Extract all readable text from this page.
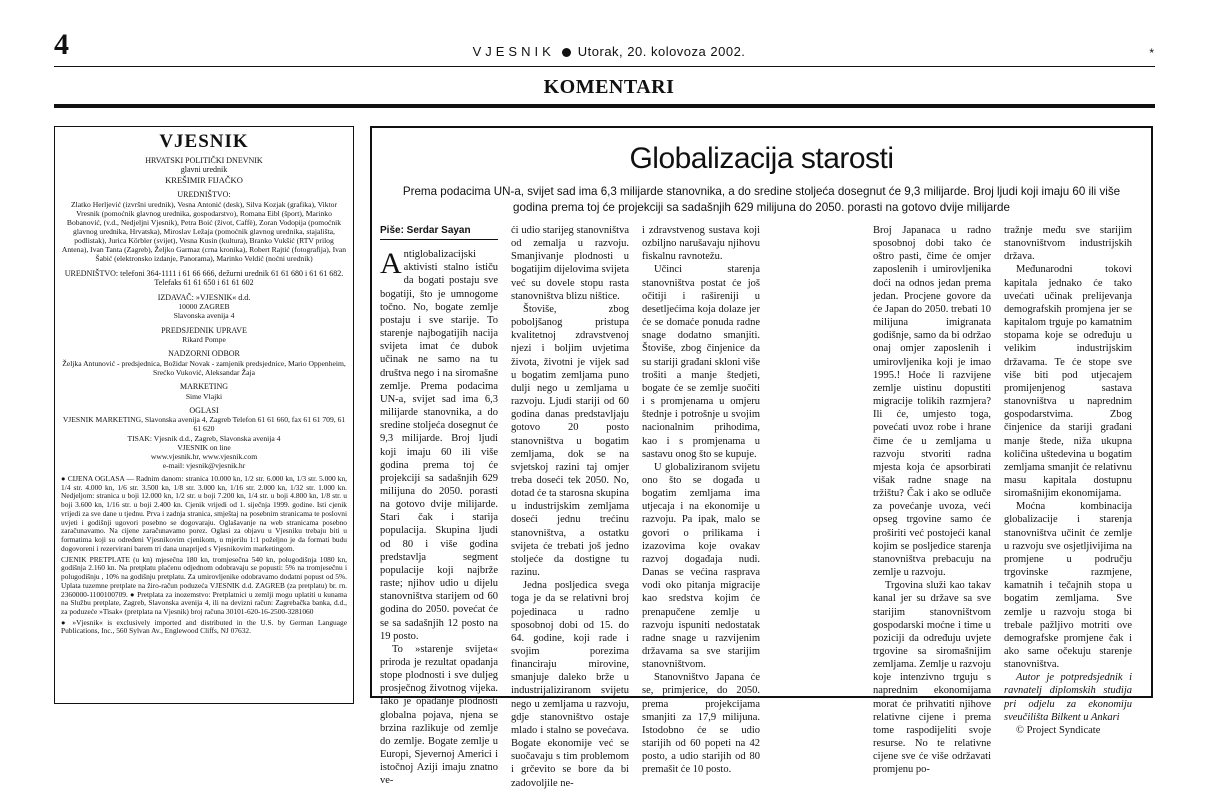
4	VJESNIK Utorak, 20. kolovoza 2002.	*
KOMENTARI
VJESNIK

HRVATSKI POLITIČKI DNEVNIK

glavni urednik

KREŠIMIR FIJAČKO

UREDNIŠTVO:

Zlatko Herljević (izvršni urednik), Vesna Antonić (desk), Silva Kozjak (grafika), Viktor Vresnik (pomoćnik glavnog urednika, gospodarstvo), Romana Eibl (šport), Marinko Bobanović, (v.d., Nedjeljni Vjesnik), Petra Boić (život, Caffè), Zoran Vodopija (pomoćnik glavnog urednika, Hrvatska), Miroslav Ležaja (pomoćnik glavnog urednika, stajališta, podlistak), Jurica Körbler (svijet), Vesna Kusin (kultura), Branko Vukšić (RTV prilog Antena), Ivan Tanta (Zagreb), Željko Garmaz (crna kronika), Robert Rajtić (fotografija), Ivan Šabić (elektronsko izdanje, Panorama), Marinko Veldić (noćni urednik)

UREDNIŠTVO: telefoni 364-1111 i 61 66 666, dežurni urednik 61 61 680 i 61 61 682. Telefaks 61 61 650 i 61 61 602

IZDAVAČ: »VJESNIK« d.d.

10000 ZAGREB

Slavonska avenija 4

PREDSJEDNIK UPRAVE

Rikard Pompe

NADZORNI ODBOR

Željka Antunović - predsjednica, Božidar Novak - zamjenik predsjednice, Mario Oppenheim, Srećko Vuković, Aleksandar Žaja

MARKETING

Sime Vlajki

OGLASI

VJESNIK MARKETING, Slavonska avenija 4, Zagreb Telefon 61 61 660, fax 61 61 709, 61 61 620

TISAK: Vjesnik d.d., Zagreb, Slavonska avenija 4

VJESNIK on line

www.vjesnik.hr, www.vjesnik.com

e-mail: vjesnik@vjesnik.hr

● CIJENA OGLASA — Radnim danom: stranica 10.000 kn, 1/2 str. 6.000 kn, 1/3 str. 5.000 kn, 1/4 str. 4.000 kn, 1/6 str. 3.500 kn, 1/8 str. 3.000 kn, 1/16 str. 2.000 kn, 1/32 str. 1.000 kn. Nedjeljom: stranica u boji 12.000 kn, 1/2 str. u boji 7.200 kn, 1/4 str. u boji 4.800 kn, 1/8 str. u boji 3.600 kn, 1/16 str. u boji 2.400 kn. Cjenik vrijedi od 1. siječnja 1999. godine. Isti cjenik vrijedi za sve dane u tjednu. Prva i zadnja stranica, smještaj na posebnim stranicama te poslovni uvjeti i godišnji ugovori posebno se dogovaraju. Oglašavanje na web stranicama posebno zaračunavamo. Na cijene zaračunavamo porez. Oglasi za objavu u Vjesniku trebaju biti u formatima koji su određeni Vjesnikovim cjenikom, u mjerilu 1:1 poželjno je da formati budu dogovoreni i rezervirani barem tri dana unaprijed s Vjesnikovim marketingom.

CJENIK PRETPLATE (u kn) mjesečna 180 kn, tromjesečna 540 kn, polugodišnja 1080 kn, godišnja 2.160 kn. Na pretplatu plaćenu odjednom odobravaju se popusti: 5% na tromjesečnu i polugodišnju , 10% na godišnju pretplatu. Za umirovljenike odobravamo dodatni popust od 5%. Uplata tuzemne pretplate na žiro-račun poduzeća VJESNIK d.d. ZAGREB (za pretplatu) br. rn. 2360000-1100100709. ● Pretplata za inozemstvo: Pretplatnici u zemlji mogu uplatiti u kunama na Službu pretplate, Zagreb, Slavonska avenija 4, ili na devizni račun: Zagrebačka banka, d.d., za poduzeće »Tisak« (pretplata na Vjesnik) broj računa 30101-620-16-2500-3281060

● »Vjesnik« is exclusively imported and distributed in the U.S. by German Language Publications, Inc., 560 Sylvan Av., Englewood Cliffs, NJ 07632.

Globalizacija starosti
Prema podacima UN-a, svijet sad ima 6,3 milijarde stanovnika, a do sredine stoljeća dosegnut će 9,3 milijarde. Broj ljudi koji imaju 60 ili više godina prema toj će projekciji sa sadašnjih 629 milijuna do 2050. porasti na gotovo dvije milijarde
Piše: Serdar Sayan

Antiglobalizacijski aktivisti stalno ističu da bogati postaju sve bogatiji, što je umnogome točno. No, bogate zemlje postaju i sve starije. To starenje najbogatijih nacija svijeta imat će dubok učinak ne samo na tu društva nego i na siromašne zemlje. Prema podacima UN-a, svijet sad ima 6,3 milijarde stanovnika, a do sredine stoljeća dosegnut će 9,3 milijarde. Broj ljudi koji imaju 60 ili više godina prema toj će projekciji sa sadašnjih 629 milijuna do 2050. porasti na gotovo dvije milijarde. Stari čak i starija populacija. Skupina ljudi od 80 i više godina predstavlja segment populacije koji najbrže raste; njihov udio u dijelu stanovništva starijem od 60 godina do 2050. povećat će se sa sadašnjih 12 posto na 19 posto.

To »starenje svijeta« priroda je rezultat opadanja stope plodnosti i sve duljeg prosječnog životnog vijeka. Iako je opadanje plodnosti globalna pojava, njena se brzina razlikuje od zemlje do zemlje. Bogate zemlje u Europi, Sjevernoj Americi i istočnoj Aziji imaju znatno ve-

ći udio starijeg stanovništva od zemalja u razvoju. Smanjivanje plodnosti u bogatijim dijelovima svijeta već su dovele stopu rasta stanovništva blizu ništice.

Štoviše, zbog poboljšanog pristupa kvalitetnoj zdravstvenoj njezi i boljim uvjetima života, životni je vijek sad u bogatim zemljama puno dulji nego u zemljama u razvoju. Ljudi stariji od 60 godina danas predstavljaju gotovo 20 posto stanovništva u bogatim zemljama, dok se na svjetskoj razini taj omjer treba doseći tek 2050. No, dotad će ta starosna skupina u industrijskim zemljama doseći jednu trećinu stanovništva, a ostatku svijeta će trebati još jedno stoljeće da dostigne tu razinu.

Jedna posljedica svega toga je da se relativni broj pojedinaca u radno sposobnoj dobi od 15. do 64. godine, koji rade i svojim porezima financiraju mirovine, smanjuje daleko brže u industrijaliziranom svijetu nego u zemljama u razvoju, gdje stanovništvo ostaje mlado i stalno se povećava. Bogate ekonomije već se suočavaju s tim problemom i grčevito se bore da bi zadovoljile ne-

i zdravstvenog sustava koji ozbiljno narušavaju njihovu fiskalnu ravnotežu.

Učinci starenja stanovništva postat će još očitiji i rašireniji u desetljećima koja dolaze jer će se domaće ponuda radne snage dodatno smanjiti. Štoviše, zbog činjenice da su stariji građani skloni više trošiti a manje štedjeti, bogate će se zemlje suočiti i s promjenama u omjeru štednje i potrošnje u svojim nacionalnim prihodima, kao i s promjenama u sastavu onog što se kupuje.

U globaliziranom svijetu ono što se događa u bogatim zemljama ima utjecaja i na ekonomije u razvoju. Pa ipak, malo se govori o prilikama i izazovima koje ovakav razvoj događaja nudi. Danas se većina rasprava vodi oko pitanja migracije kao sredstva kojim će prenapučene zemlje u razvoju ispuniti nedostatak radne snage u razvijenim državama sa sve starijim stanovništvom.

Stanovništvo Japana će se, primjerice, do 2050. prema projekcijama smanjiti za 17,9 milijuna. Istodobno će se udio starijih od 60 popeti na 42 posto, a udio starijih od 80 premašit će 10 posto.

Broj Japanaca u radno sposobnoj dobi tako će oštro pasti, čime će omjer zaposlenih i umirovljenika doći na odnos jedan prema jedan. Procjene govore da će Japan do 2050. trebati 10 milijuna imigranata godišnje, samo da bi održao onaj omjer zaposlenih i umirovljenika koji je imao 1995.! Hoće li razvijene zemlje uistinu dopustiti migracije tolikih razmjera? Ili će, umjesto toga, povećati uvoz robe i hrane čime će u zemljama u razvoju stvoriti radna mjesta koja će apsorbirati višak radne snage na tržištu? Čak i ako se odluče za povećanje uvoza, veći opseg trgovine samo će proširiti već postojeći kanal kojim se posljedice starenja stanovništva prebacuju na zemlje u razvoju.

Trgovina služi kao takav kanal jer su države sa sve starijim stanovništvom gospodarski moćne i time u poziciji da određuju uvjete trgovine sa siromašnijim zemljama. Zemlje u razvoju koje intenzivno trguju s naprednim ekonomijama morat će prihvatiti njihove relativne cijene i prema tome raspodijeliti svoje resurse. No te relativne cijene sve će više održavati promjenu po-

tražnje među sve starijim stanovništvom industrijskih država.

Međunarodni tokovi kapitala jednako će tako uvećati učinak prelijevanja demografskih promjena jer se kapitalom trguje po kamatnim stopama koje se određuju u velikim industrijskim državama. Te će stope sve više biti pod utjecajem promijenjenog sastava stanovništva u naprednim gospodarstvima. Zbog činjenice da stariji građani manje štede, niža ukupna količina uštedevina u bogatim zemljama smanjit će relativnu masu kapitala dostupnu siromašnijim ekonomijama.

Moćna kombinacija globalizacije i starenja stanovništva učinit će zemlje u razvoju sve osjetljivijima na promjene u području trgovinske razmjene, kamatnih i tečajnih stopa u bogatim zemljama. Sve zemlje u razvoju stoga bi trebale pažljivo motriti ove demografske promjene čak i ako same očekuju starenje stanovništva.

Autor je potpredsjednik i ravnatelj diplomskih studija pri odjelu za ekonomiju sveučilišta Bilkent u Ankari

© Project Syndicate
